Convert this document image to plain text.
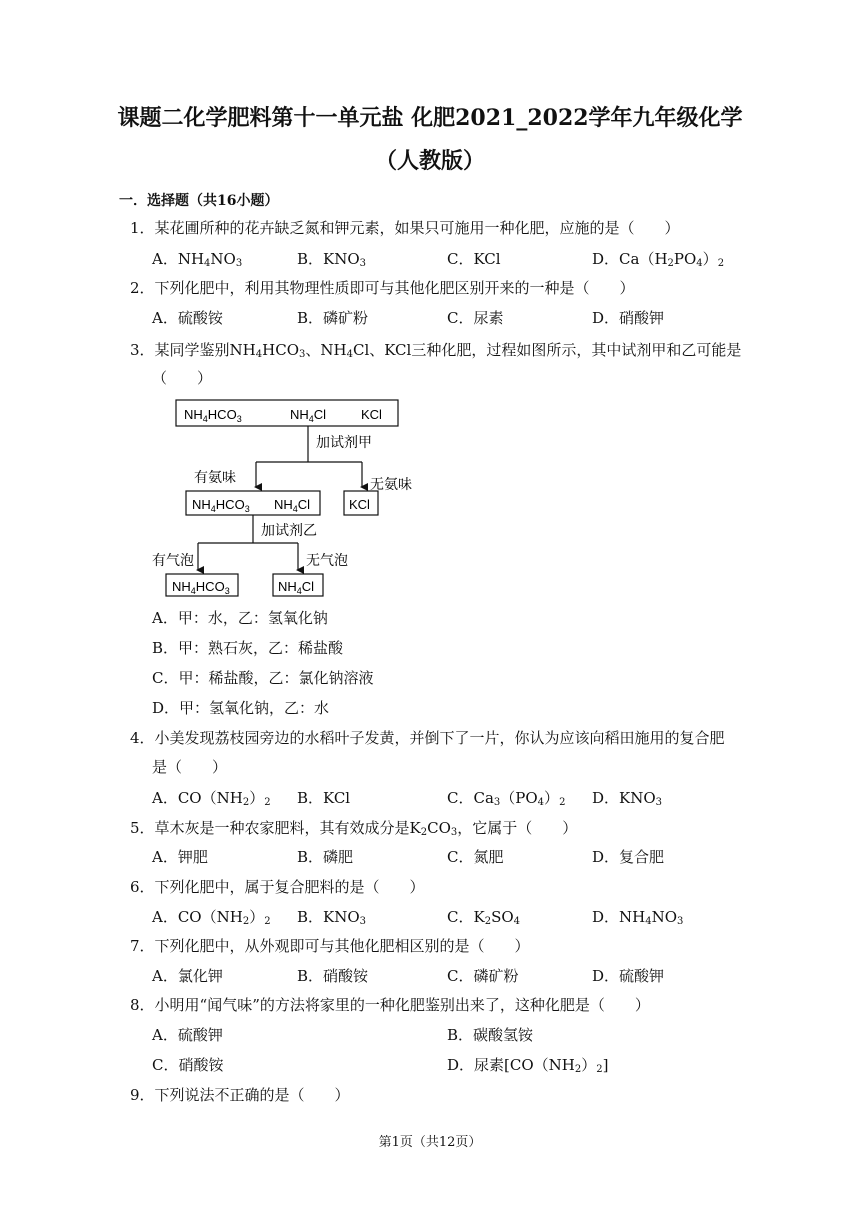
课题二化学肥料第十一单元盐 化肥2021_2022学年九年级化学
（人教版）
一．选择题（共16小题）
1．某花圃所种的花卉缺乏氮和钾元素，如果只可施用一种化肥，应施的是（　　）
A．$NH_4NO_3$	B．$KNO_3$	C．KCl	D．$Ca(H_2PO_4)_2$
2．下列化肥中，利用其物理性质即可与其他化肥区别开来的一种是（　　）
A．硫酸铵	B．磷矿粉	C．尿素	D．硝酸钾
3．某同学鉴别$NH_4HCO_3$、$NH_4Cl$、KCl三种化肥，过程如图所示，其中试剂甲和乙可能是
（　　）
$NH_4HCO_3$	$NH_4Cl$	KCl
加试剂甲
有氨味	无氨味
$NH_4HCO_3$ $NH_4Cl$	KCl
加试剂乙
有气泡	无气泡
$NH_4HCO_3$	$NH_4Cl$
A．甲：水，乙：氢氧化钠
B．甲：熟石灰，乙：稀盐酸
C．甲：稀盐酸，乙：氯化钠溶液
D．甲：氢氧化钠，乙：水
4．小美发现荔枝园旁边的水稻叶子发黄，并倒下了一片，你认为应该向稻田施用的复合肥
是（　　）
A．$CO(NH_2)_2$ B．KCl	C．$Ca_3(PO_4)_2$ D．$KNO_3$
5．草木灰是一种农家肥料，其有效成分是$K_2CO_3$，它属于（　　）
A．钾肥	B．磷肥	C．氮肥	D．复合肥
6．下列化肥中，属于复合肥料的是（　　）
A．$CO(NH_2)_2$ B．$KNO_3$	C．$K_2SO_4$	D．$NH_4NO_3$
7．下列化肥中，从外观即可与其他化肥相区别的是（　　）
A．氯化钾	B．硝酸铵	C．磷矿粉	D．硫酸钾
8．小明用“闻气味”的方法将家里的一种化肥鉴别出来了，这种化肥是（　　）
A．硫酸钾	B．碳酸氢铵
C．硝酸铵	D．尿素$[CO(NH_2)_2]$
9．下列说法不正确的是（　　）
第1页（共12页）
